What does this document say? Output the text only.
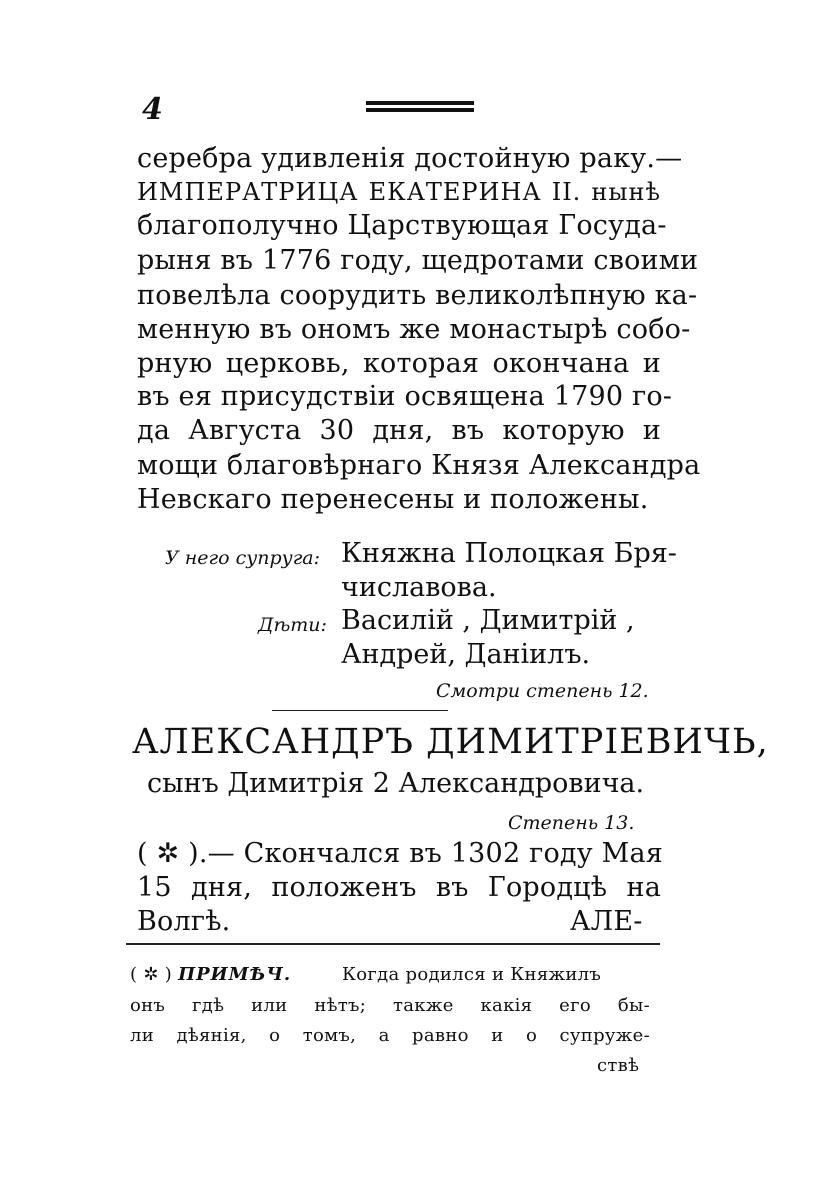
4
серебра удивленія достойную раку.—
ИМПЕРАТРИЦА ЕКАТЕРИНА II. нынѣ
благополучно Царствующая Госуда-
рыня въ 1776 году, щедротами своими
повелѣла соорудить великолѣпную ка-
менную въ ономъ же монастырѣ собо-
рную церковь, которая окончана и
въ ея присудствіи освящена 1790 го-
да Августа 30 дня, въ которую и
мощи благовѣрнаго Князя Александра
Невскаго перенесены и положены.
У него супруга: Княжна Полоцкая Бря-
числавова.
Дѣти: Василій , Димитрій ,
Андрей, Даніилъ.
Смотри степень 12.
АЛЕКСАНДРЪ ДИМИТРІЕВИЧЬ,
сынъ Димитрія 2 Александровича.
Степень 13.
( ✲ ).— Скончался въ 1302 году Мая
15 дня, положенъ въ Городцѣ на
Волгѣ.	АЛЕ-
( ✲ ) ПРИМѢЧ.	Когда родился и Княжилъ
онъ гдѣ или нѣтъ; также какія его бы-
ли дѣянія, о томъ, а равно и о супруже-
ствѣ
